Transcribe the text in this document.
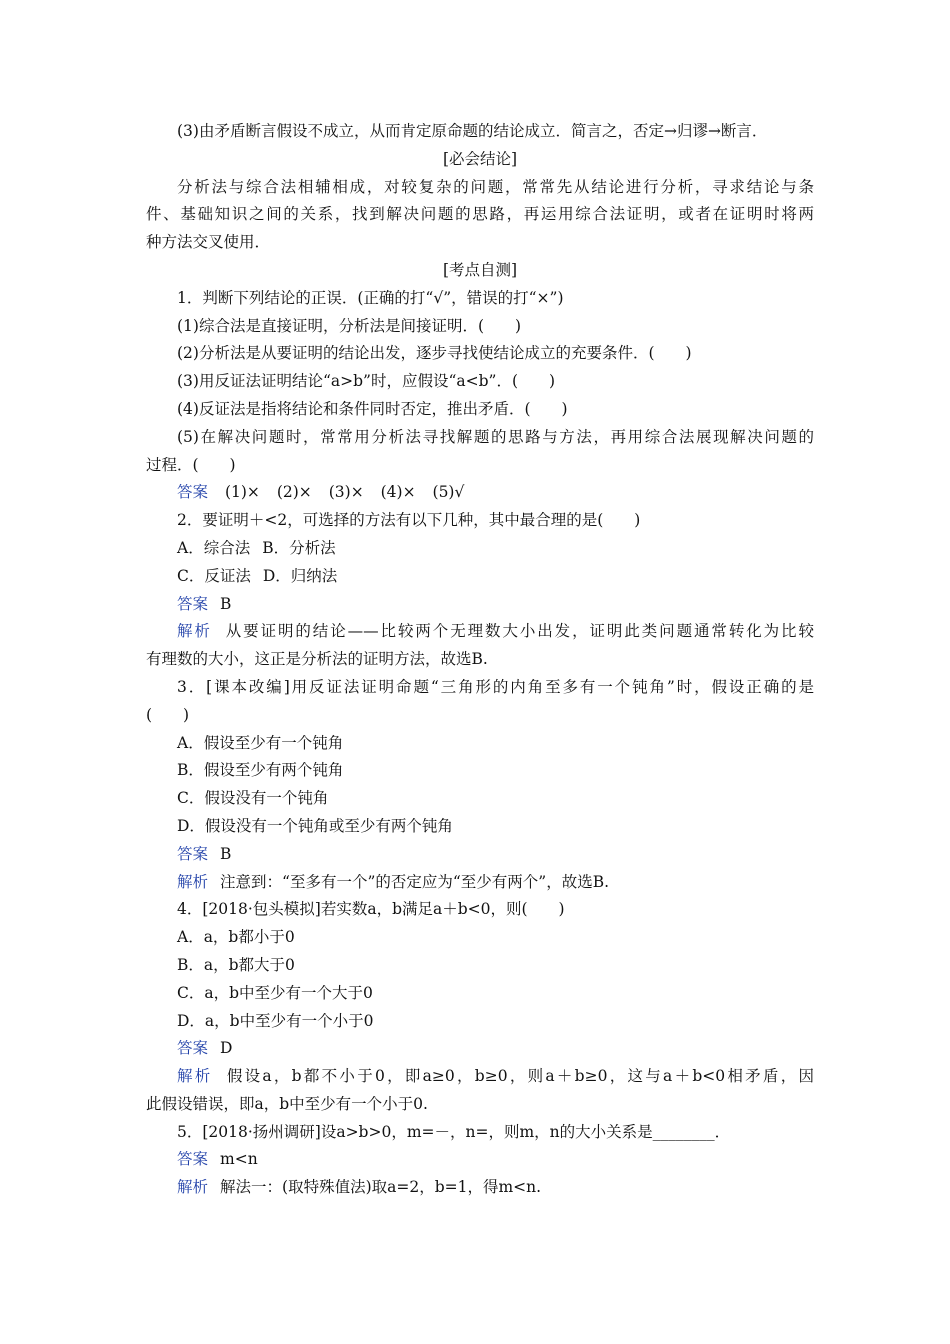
(3)由矛盾断言假设不成立，从而肯定原命题的结论成立．简言之，否定→归谬→断言．
[必会结论]
分析法与综合法相辅相成，对较复杂的问题，常常先从结论进行分析，寻求结论与条
件、基础知识之间的关系，找到解决问题的思路，再运用综合法证明，或者在证明时将两
种方法交叉使用．
[考点自测]
1．判断下列结论的正误．(正确的打“√”，错误的打“×”)
(1)综合法是直接证明，分析法是间接证明．(　　)
(2)分析法是从要证明的结论出发，逐步寻找使结论成立的充要条件．(　　)
(3)用反证法证明结论“a>b”时，应假设“a<b”．(　　)
(4)反证法是指将结论和条件同时否定，推出矛盾．(　　)
(5)在解决问题时，常常用分析法寻找解题的思路与方法，再用综合法展现解决问题的
过程．(　　)
答案 (1)× (2)× (3)× (4)× (5)√
2．要证明＋<2，可选择的方法有以下几种，其中最合理的是(　　)
A．综合法 B．分析法
C．反证法 D．归纳法
答案 B
解析 从要证明的结论——比较两个无理数大小出发，证明此类问题通常转化为比较
有理数的大小，这正是分析法的证明方法，故选B.
3．[课本改编]用反证法证明命题“三角形的内角至多有一个钝角”时，假设正确的是
(　　)
A．假设至少有一个钝角
B．假设至少有两个钝角
C．假设没有一个钝角
D．假设没有一个钝角或至少有两个钝角
答案 B
解析 注意到：“至多有一个”的否定应为“至少有两个”，故选B.
4．[2018·包头模拟]若实数a，b满足a＋b<0，则(　　)
A．a，b都小于0
B．a，b都大于0
C．a，b中至少有一个大于0
D．a，b中至少有一个小于0
答案 D
解析 假设a，b都不小于0，即a≥0，b≥0，则a＋b≥0，这与a＋b<0相矛盾，因
此假设错误，即a，b中至少有一个小于0.
5．[2018·扬州调研]设a>b>0，m=－，n=，则m，n的大小关系是________．
答案 m<n
解析 解法一：(取特殊值法)取a=2，b=1，得m<n.
